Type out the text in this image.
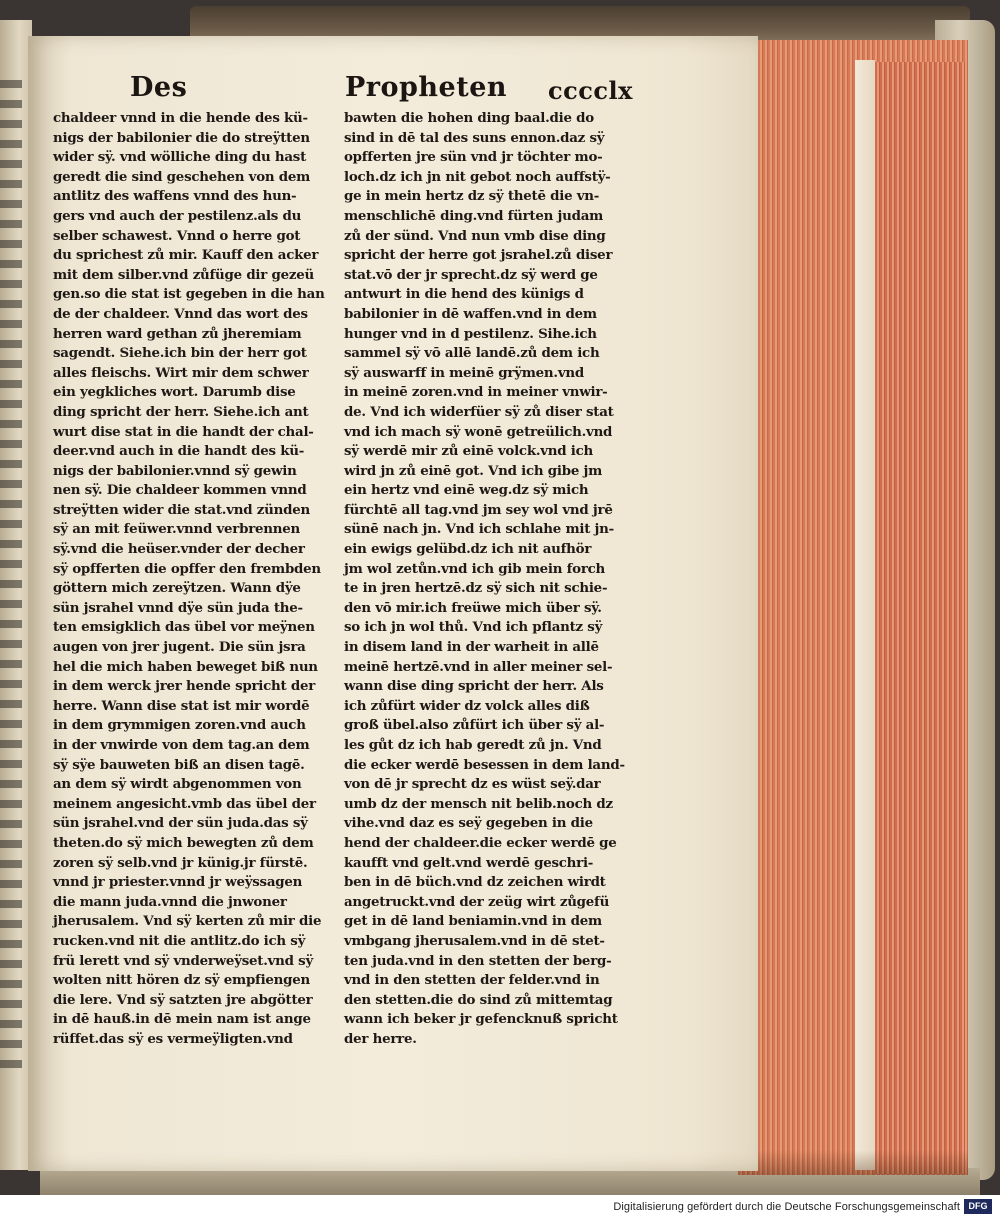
Des	Propheten cccclx
chaldeer vnnd in die hende des kü-
nigs der babilonier die do streÿtten
wider sÿ. vnd wölliche ding du hast
geredt die sind geschehen von dem
antlitz des waffens vnnd des hun-
gers vnd auch der pestilenz.als du
selber schawest. Vnnd o herre got
du sprichest zů mir. Kauff den acker
mit dem silber.vnd zůfüge dir gezeü
gen.so die stat ist gegeben in die han
de der chaldeer. Vnnd das wort des
herren ward gethan zů jheremiam
sagendt. Siehe.ich bin der herr got
alles fleischs. Wirt mir dem schwer
ein yegkliches wort. Darumb dise
ding spricht der herr. Siehe.ich ant
wurt dise stat in die handt der chal-
deer.vnd auch in die handt des kü-
nigs der babilonier.vnnd sÿ gewin
nen sÿ. Die chaldeer kommen vnnd
streÿtten wider die stat.vnd zünden
sÿ an mit feüwer.vnnd verbrennen
sÿ.vnd die heüser.vnder der decher
sÿ opfferten die opffer den frembden
göttern mich zereÿtzen. Wann dÿe
sün jsrahel vnnd dÿe sün juda the-
ten emsigklich das übel vor meÿnen
augen von jrer jugent. Die sün jsra
hel die mich haben beweget biß nun
in dem werck jrer hende spricht der
herre. Wann dise stat ist mir wordē
in dem grymmigen zoren.vnd auch
in der vnwirde von dem tag.an dem
sÿ sÿe bauweten biß an disen tagē.
an dem sÿ wirdt abgenommen von
meinem angesicht.vmb das übel der
sün jsrahel.vnd der sün juda.das sÿ
theten.do sÿ mich bewegten zů dem
zoren sÿ selb.vnd jr künig.jr fürstē.
vnnd jr priester.vnnd jr weÿssagen
die mann juda.vnnd die jnwoner
jherusalem. Vnd sÿ kerten zů mir die
rucken.vnd nit die antlitz.do ich sÿ
frü lerett vnd sÿ vnderweÿset.vnd sÿ
wolten nitt hören dz sÿ empfiengen
die lere. Vnd sÿ satzten jre abgötter
in dē hauß.in dē mein nam ist ange
rüffet.das sÿ es vermeÿligten.vnd
bawten die hohen ding baal.die do
sind in dē tal des suns ennon.daz sÿ
opfferten jre sün vnd jr töchter mo-
loch.dz ich jn nit gebot noch auffstÿ-
ge in mein hertz dz sÿ thetē die vn-
menschlichē ding.vnd fürten judam
zů der sünd. Vnd nun vmb dise ding
spricht der herre got jsrahel.zů diser
stat.vō der jr sprecht.dz sÿ werd ge
antwurt in die hend des künigs d
babilonier in dē waffen.vnd in dem
hunger vnd in d pestilenz. Sihe.ich
sammel sÿ vō allē landē.zů dem ich
sÿ auswarff in meinē grÿmen.vnd
in meinē zoren.vnd in meiner vnwir-
de. Vnd ich widerfüer sÿ zů diser stat
vnd ich mach sÿ wonē getreülich.vnd
sÿ werdē mir zů einē volck.vnd ich
wird jn zů einē got. Vnd ich gibe jm
ein hertz vnd einē weg.dz sÿ mich
fürchtē all tag.vnd jm sey wol vnd jrē
sünē nach jn. Vnd ich schlahe mit jn-
ein ewigs gelübd.dz ich nit aufhör
jm wol zetůn.vnd ich gib mein forch
te in jren hertzē.dz sÿ sich nit schie-
den vō mir.ich freüwe mich über sÿ.
so ich jn wol thů. Vnd ich pflantz sÿ
in disem land in der warheit in allē
meinē hertzē.vnd in aller meiner sel-
wann dise ding spricht der herr. Als
ich zůfürt wider dz volck alles diß
groß übel.also zůfürt ich über sÿ al-
les gůt dz ich hab geredt zů jn. Vnd
die ecker werdē besessen in dem land-
von dē jr sprecht dz es wüst seÿ.dar
umb dz der mensch nit belib.noch dz
vihe.vnd daz es seÿ gegeben in die
hend der chaldeer.die ecker werdē ge
kaufft vnd gelt.vnd werdē geschri-
ben in dē büch.vnd dz zeichen wirdt
angetruckt.vnd der zeüg wirt zůgefü
get in dē land beniamin.vnd in dem
vmbgang jherusalem.vnd in dē stet-
ten juda.vnd in den stetten der berg-
vnd in den stetten der felder.vnd in
den stetten.die do sind zů mittemtag
wann ich beker jr gefencknuß spricht
der herre.
Digitalisierung gefördert durch die Deutsche Forschungsgemeinschaft DFG
